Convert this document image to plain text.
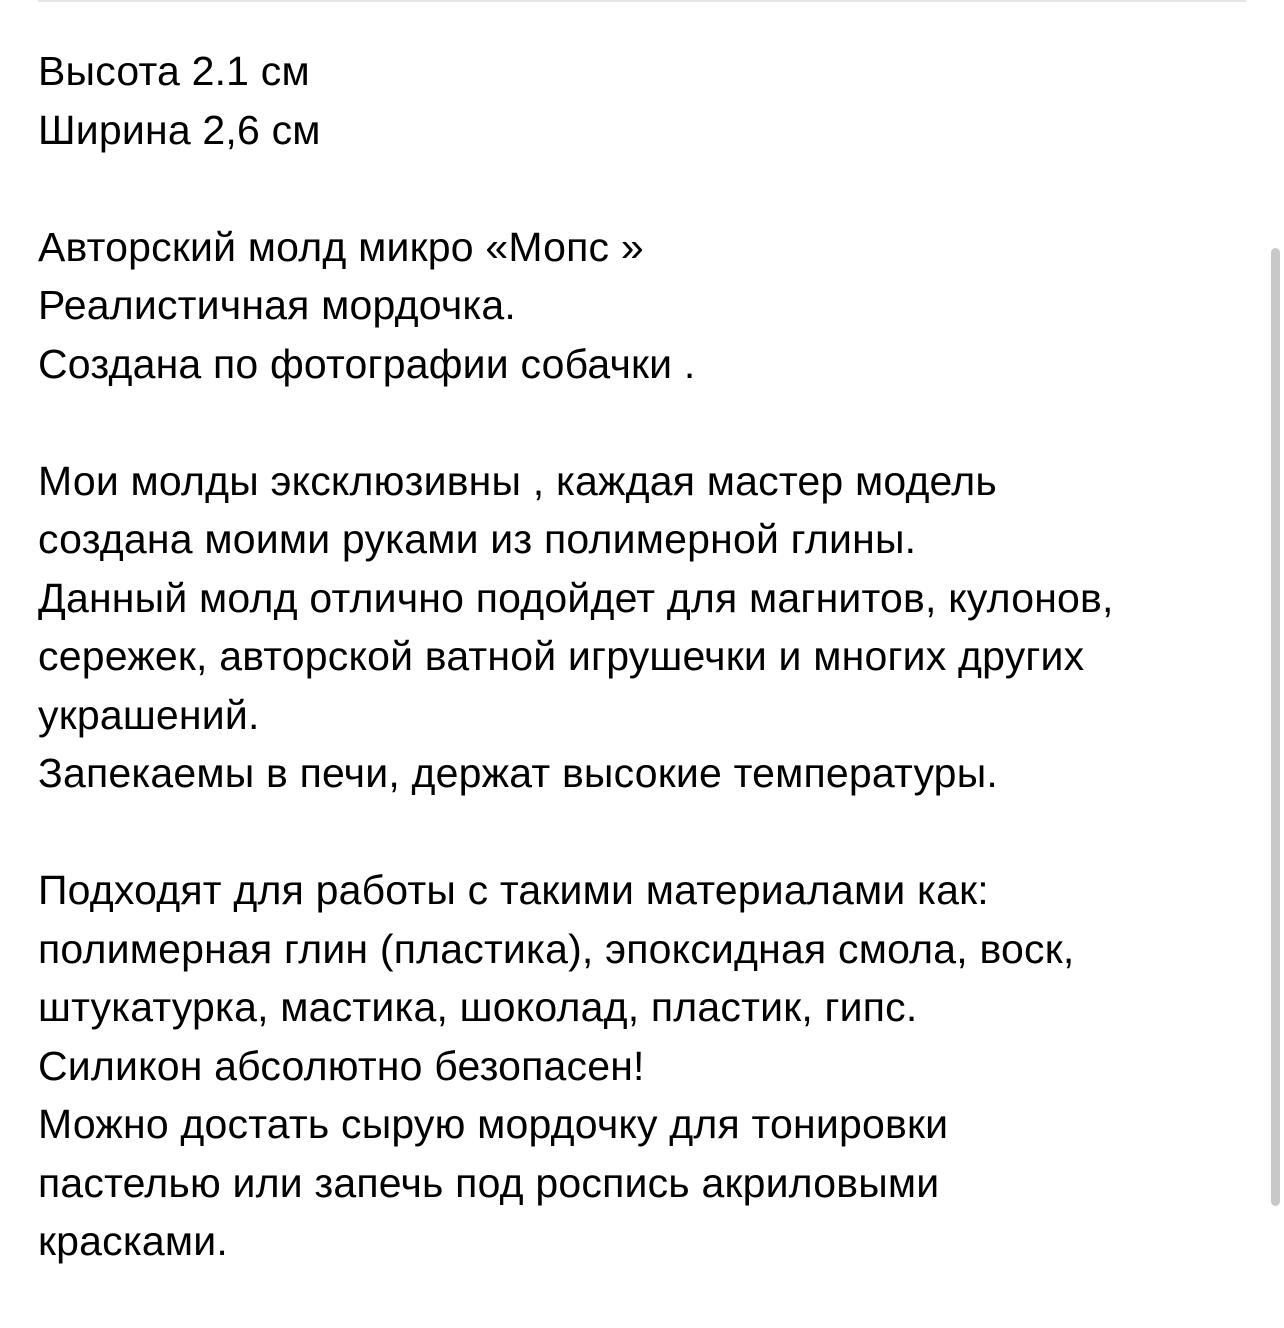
Высота 2.1 см
Ширина 2,6 см
Авторский молд микро «Мопс »
Реалистичная мордочка.
Создана по фотографии собачки .
Мои молды эксклюзивны , каждая мастер модель
создана моими руками из полимерной глины.
Данный молд отлично подойдет для магнитов, кулонов,
сережек, авторской ватной игрушечки и многих других
украшений.
Запекаемы в печи, держат высокие температуры.
Подходят для работы с такими материалами как:
полимерная глин (пластика), эпоксидная смола, воск,
штукатурка, мастика, шоколад, пластик, гипс.
Силикон абсолютно безопасен!
Можно достать сырую мордочку для тонировки
пастелью или запечь под роспись акриловыми
красками.
